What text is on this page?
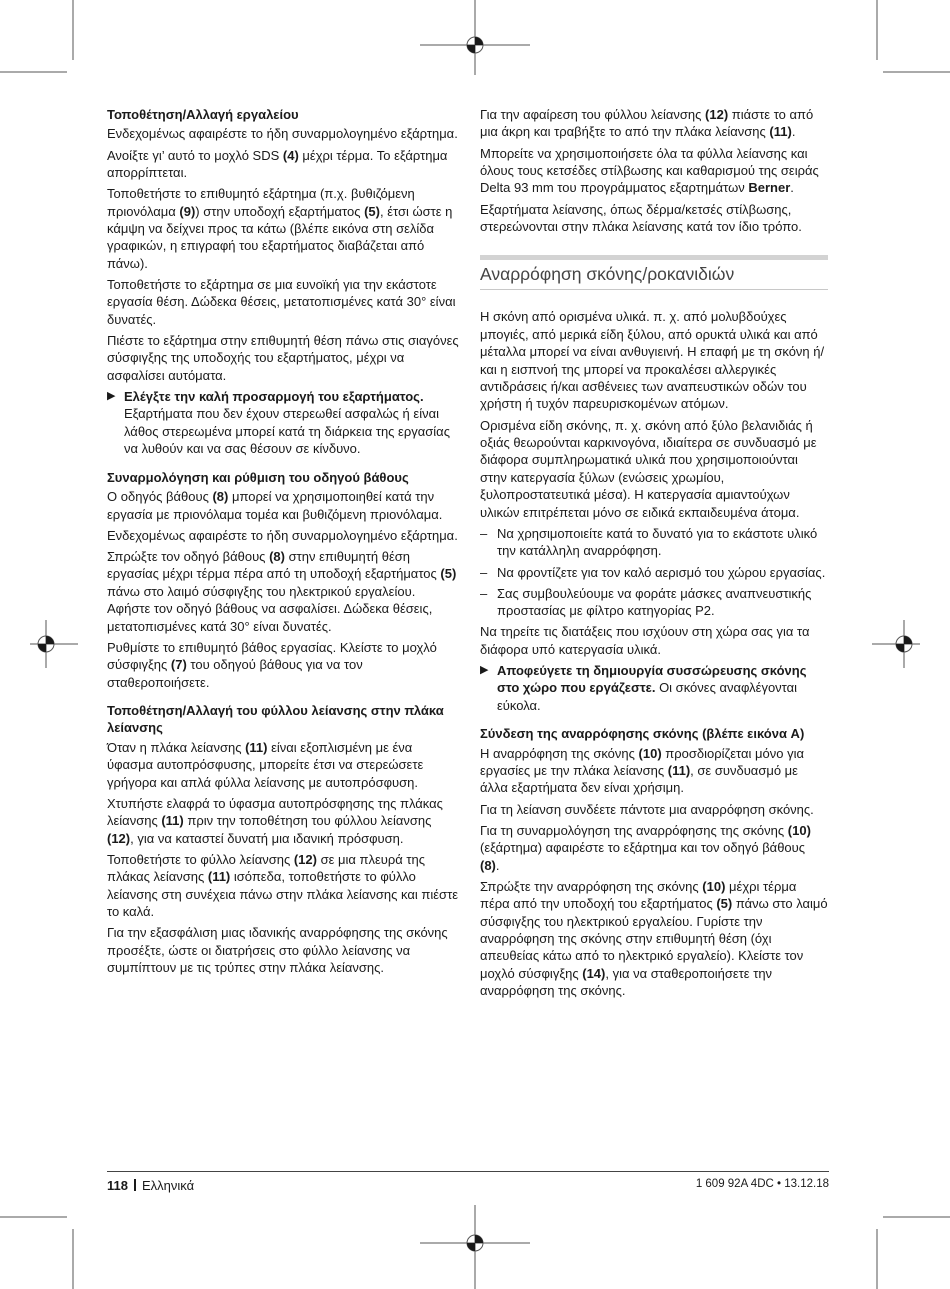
Τοποθέτηση/Αλλαγή εργαλείου

Ενδεχομένως αφαιρέστε το ήδη συναρμολογημένο εξάρτημα.

Ανοίξτε γι’ αυτό το μοχλό SDS (4) μέχρι τέρμα. Το εξάρτημα απορρίπτεται.

Τοποθετήστε το επιθυμητό εξάρτημα (π.χ. βυθιζόμενη πριονόλαμα (9)) στην υποδοχή εξαρτήματος (5), έτσι ώστε η κάμψη να δείχνει προς τα κάτω (βλέπε εικόνα στη σελίδα γραφικών, η επιγραφή του εξαρτήματος διαβάζεται από πάνω).

Τοποθετήστε το εξάρτημα σε μια ευνοϊκή για την εκάστοτε εργασία θέση. Δώδεκα θέσεις, μετατοπισμένες κατά 30° είναι δυνατές.

Πιέστε το εξάρτημα στην επιθυμητή θέση πάνω στις σιαγόνες σύσφιγξης της υποδοχής του εξαρτήματος, μέχρι να ασφαλίσει αυτόματα.

▶ Ελέγξτε την καλή προσαρμογή του εξαρτήματος. Εξαρτήματα που δεν έχουν στερεωθεί ασφαλώς ή είναι λάθος στερεωμένα μπορεί κατά τη διάρκεια της εργασίας να λυθούν και να σας θέσουν σε κίνδυνο.
Συναρμολόγηση και ρύθμιση του οδηγού βάθους

Ο οδηγός βάθους (8) μπορεί να χρησιμοποιηθεί κατά την εργασία με πριονόλαμα τομέα και βυθιζόμενη πριονόλαμα.

Ενδεχομένως αφαιρέστε το ήδη συναρμολογημένο εξάρτημα.

Σπρώξτε τον οδηγό βάθους (8) στην επιθυμητή θέση εργασίας μέχρι τέρμα πέρα από τη υποδοχή εξαρτήματος (5) πάνω στο λαιμό σύσφιγξης του ηλεκτρικού εργαλείου. Αφήστε τον οδηγό βάθους να ασφαλίσει. Δώδεκα θέσεις, μετατοπισμένες κατά 30° είναι δυνατές.

Ρυθμίστε το επιθυμητό βάθος εργασίας. Κλείστε το μοχλό σύσφιγξης (7) του οδηγού βάθους για να τον σταθεροποιήσετε.

Τοποθέτηση/Αλλαγή του φύλλου λείανσης στην πλάκα λείανσης

Όταν η πλάκα λείανσης (11) είναι εξοπλισμένη με ένα ύφασμα αυτοπρόσφυσης, μπορείτε έτσι να στερεώσετε γρήγορα και απλά φύλλα λείανσης με αυτοπρόσφυση.

Χτυπήστε ελαφρά το ύφασμα αυτοπρόσφησης της πλάκας λείανσης (11) πριν την τοποθέτηση του φύλλου λείανσης (12), για να καταστεί δυνατή μια ιδανική πρόσφυση.

Τοποθετήστε το φύλλο λείανσης (12) σε μια πλευρά της πλάκας λείανσης (11) ισόπεδα, τοποθετήστε το φύλλο λείανσης στη συνέχεια πάνω στην πλάκα λείανσης και πιέστε το καλά.

Για την εξασφάλιση μιας ιδανικής αναρρόφησης της σκόνης προσέξτε, ώστε οι διατρήσεις στο φύλλο λείανσης να συμπίπτουν με τις τρύπες στην πλάκα λείανσης.

Για την αφαίρεση του φύλλου λείανσης (12) πιάστε το από μια άκρη και τραβήξτε το από την πλάκα λείανσης (11).

Μπορείτε να χρησιμοποιήσετε όλα τα φύλλα λείανσης και όλους τους κετσέδες στίλβωσης και καθαρισμού της σειράς Delta 93 mm του προγράμματος εξαρτημάτων Berner.

Εξαρτήματα λείανσης, όπως δέρμα/κετσές στίλβωσης, στερεώνονται στην πλάκα λείανσης κατά τον ίδιο τρόπο.

Αναρρόφηση σκόνης/ροκανιδιών

Η σκόνη από ορισμένα υλικά. π. χ. από μολυβδούχες μπογιές, από μερικά είδη ξύλου, από ορυκτά υλικά και από μέταλλα μπορεί να είναι ανθυγιεινή. Η επαφή με τη σκόνη ή/και η εισπνοή της μπορεί να προκαλέσει αλλεργικές αντιδράσεις ή/και ασθένειες των αναπευστικών οδών του χρήστη ή τυχόν παρευρισκομένων ατόμων.

Ορισμένα είδη σκόνης, π. χ. σκόνη από ξύλο βελανιδιάς ή οξιάς θεωρούνται καρκινογόνα, ιδιαίτερα σε συνδυασμό με διάφορα συμπληρωματικά υλικά που χρησιμοποιούνται στην κατεργασία ξύλων (ενώσεις χρωμίου, ξυλοπροστατευτικά μέσα). Η κατεργασία αμιαντούχων υλικών επιτρέπεται μόνο σε ειδικά εκπαιδευμένα άτομα.

– Να χρησιμοποιείτε κατά το δυνατό για το εκάστοτε υλικό την κατάλληλη αναρρόφηση.
– Να φροντίζετε για τον καλό αερισμό του χώρου εργασίας.
– Σας συμβουλεύουμε να φοράτε μάσκες αναπνευστικής προστασίας με φίλτρο κατηγορίας P2.

Να τηρείτε τις διατάξεις που ισχύουν στη χώρα σας για τα διάφορα υπό κατεργασία υλικά.

▶ Αποφεύγετε τη δημιουργία συσσώρευσης σκόνης στο χώρο που εργάζεστε. Οι σκόνες αναφλέγονται εύκολα.
Σύνδεση της αναρρόφησης σκόνης (βλέπε εικόνα A)

Η αναρρόφηση της σκόνης (10) προσδιορίζεται μόνο για εργασίες με την πλάκα λείανσης (11), σε συνδυασμό με άλλα εξαρτήματα δεν είναι χρήσιμη.

Για τη λείανση συνδέετε πάντοτε μια αναρρόφηση σκόνης.

Για τη συναρμολόγηση της αναρρόφησης της σκόνης (10) (εξάρτημα) αφαιρέστε το εξάρτημα και τον οδηγό βάθους (8).

Σπρώξτε την αναρρόφηση της σκόνης (10) μέχρι τέρμα πέρα από την υποδοχή του εξαρτήματος (5) πάνω στο λαιμό σύσφιγξης του ηλεκτρικού εργαλείου. Γυρίστε την αναρρόφηση της σκόνης στην επιθυμητή θέση (όχι απευθείας κάτω από το ηλεκτρικό εργαλείο). Κλείστε τον μοχλό σύσφιγξης (14), για να σταθεροποιήσετε την αναρρόφηση της σκόνης.

118 Ελληνικά	1 609 92A 4DC • 13.12.18
